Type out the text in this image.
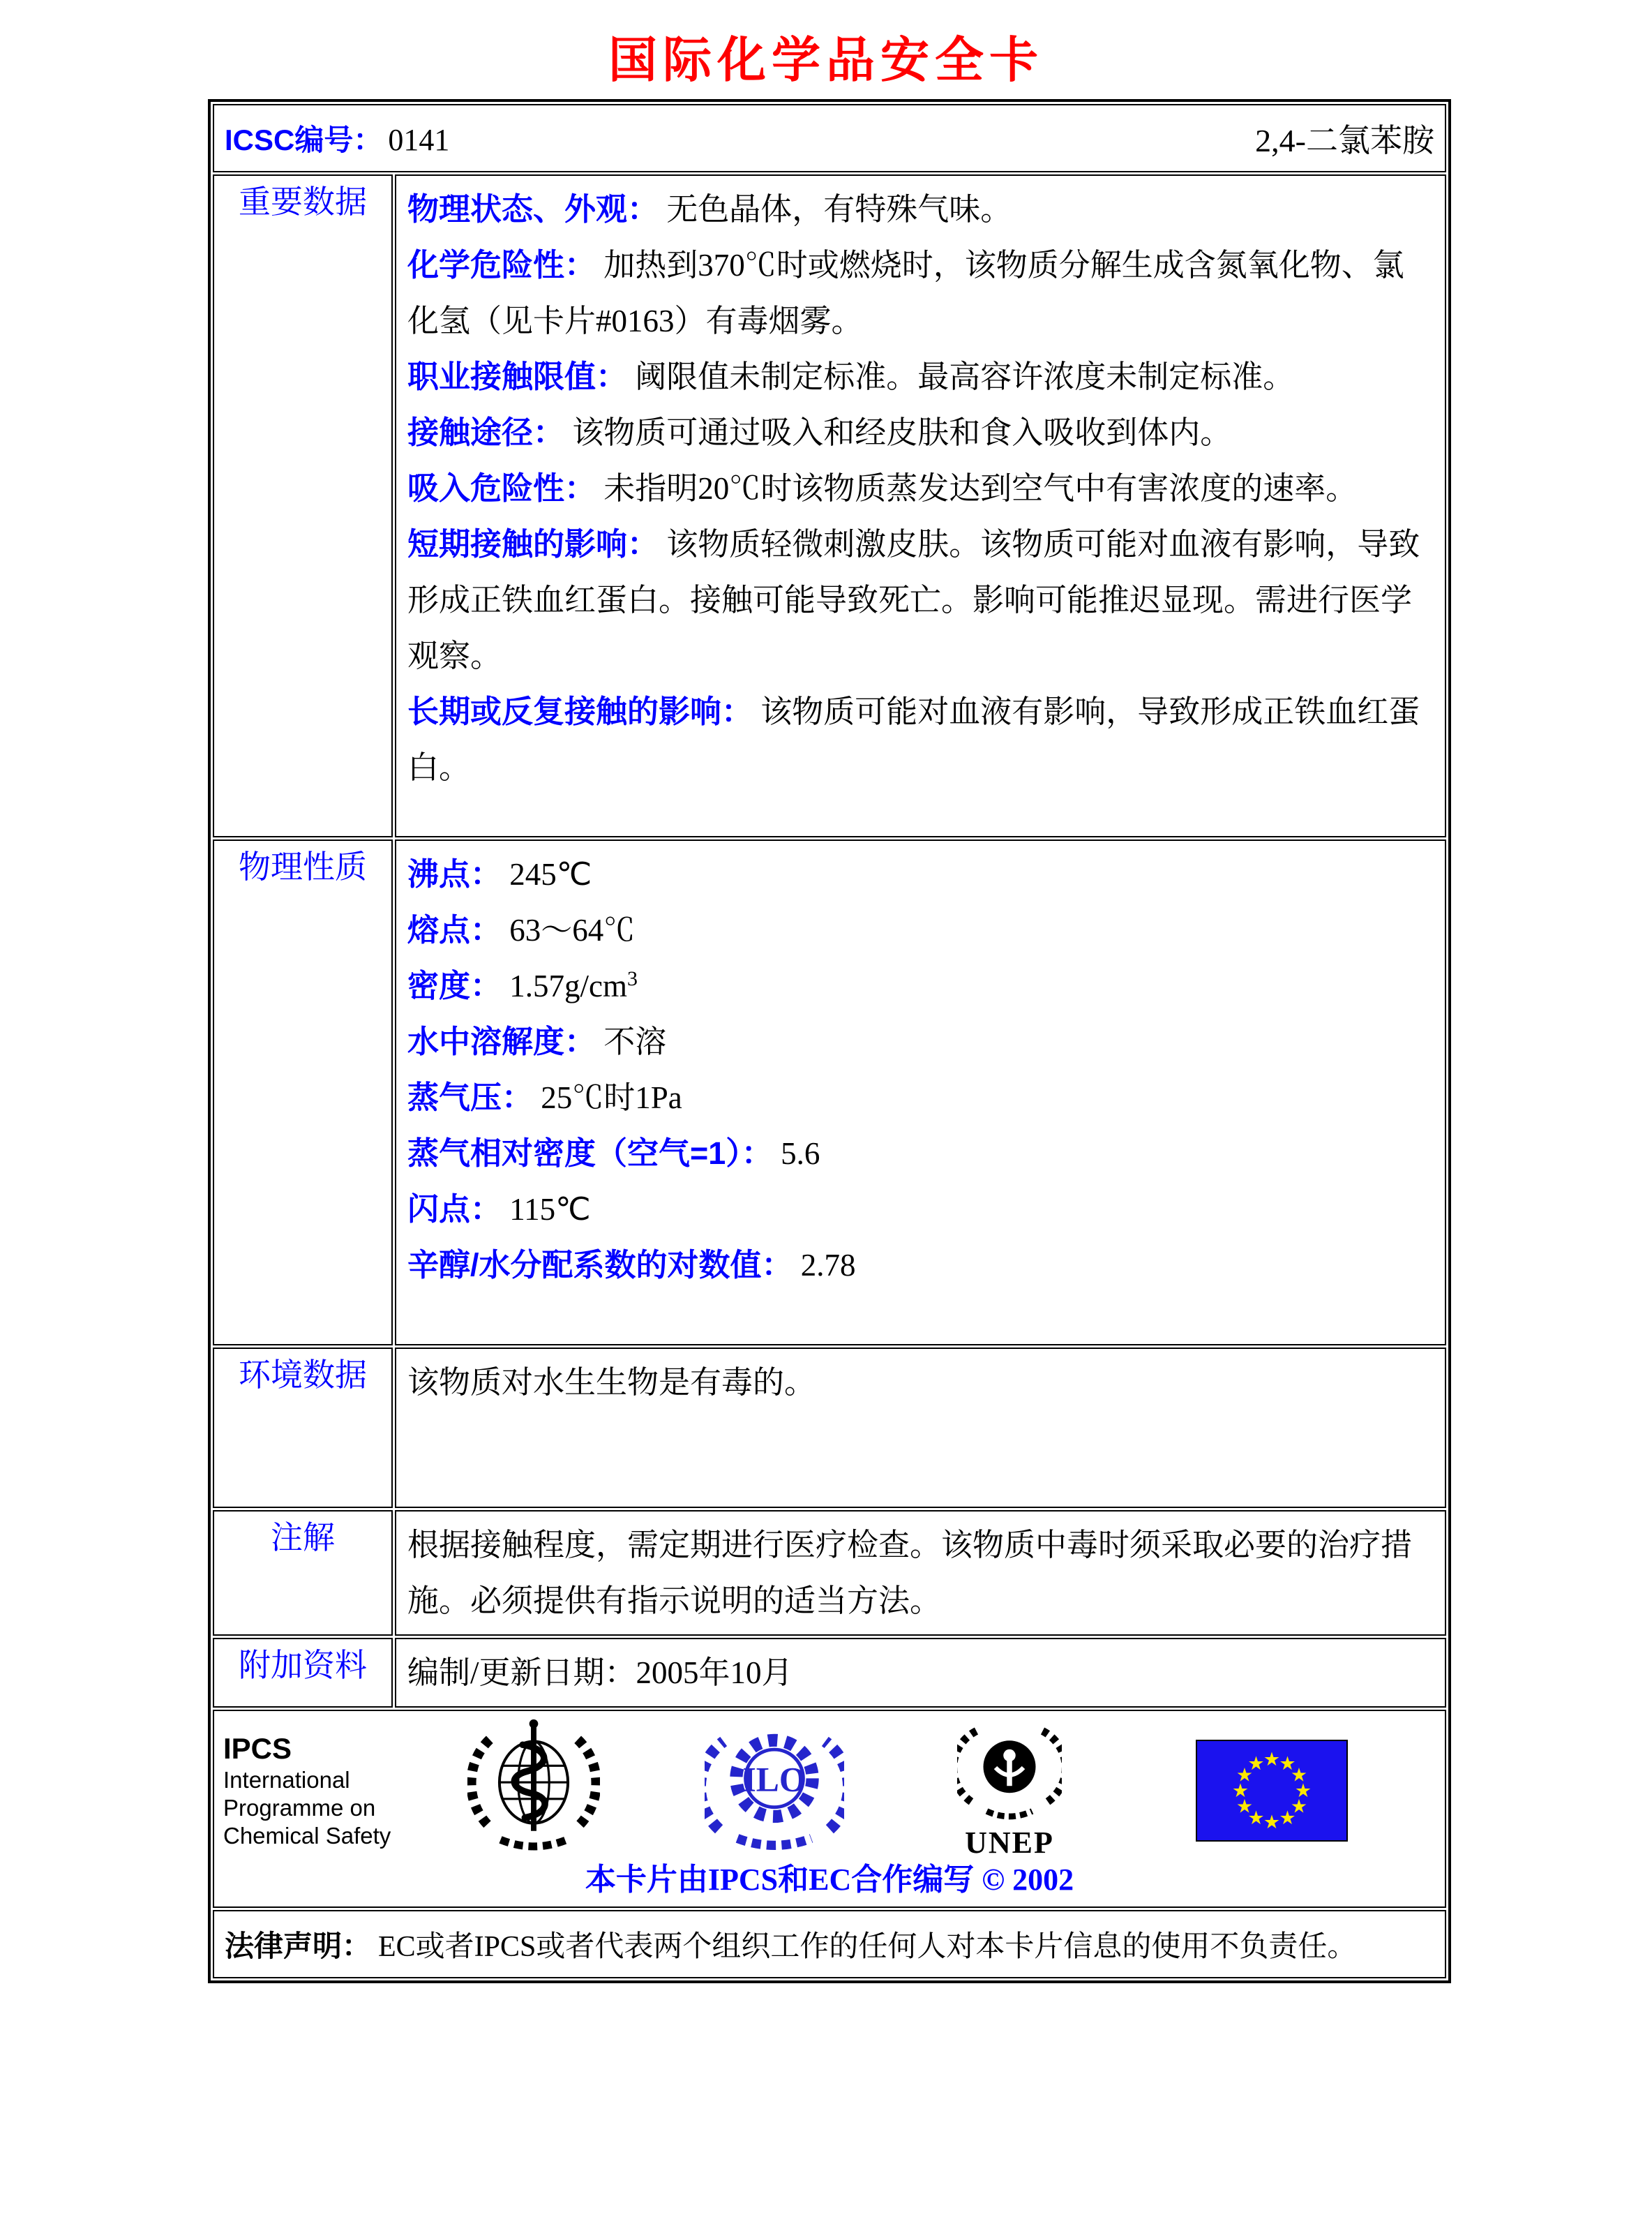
国际化学品安全卡
ICSC编号： 0141 2,4-二氯苯胺	

重要数据	物理状态、外观： 无色晶体，有特殊气味。

化学危险性： 加热到370℃时或燃烧时，该物质分解生成含氮氧化物、氯化氢（见卡片#0163）有毒烟雾。

职业接触限值： 阈限值未制定标准。最高容许浓度未制定标准。

接触途径： 该物质可通过吸入和经皮肤和食入吸收到体内。

吸入危险性： 未指明20℃时该物质蒸发达到空气中有害浓度的速率。

短期接触的影响： 该物质轻微刺激皮肤。该物质可能对血液有影响，导致形成正铁血红蛋白。接触可能导致死亡。影响可能推迟显现。需进行医学观察。

长期或反复接触的影响： 该物质可能对血液有影响，导致形成正铁血红蛋白。

物理性质	沸点： 245℃

熔点： 63～64℃

密度： $1.57g/cm^3$

水中溶解度： 不溶

蒸气压： 25℃时1Pa

蒸气相对密度（空气=1）： 5.6

闪点： 115℃

辛醇/水分配系数的对数值： 2.78

环境数据	该物质对水生生物是有毒的。

注解	根据接触程度，需定期进行医疗检查。该物质中毒时须采取必要的治疗措施。必须提供有指示说明的适当方法。

附加资料	编制/更新日期：2005年10月

IPCS
International
Programme on
Chemical Safety
ILO
UNEP
★
★
★
★
★
★
★
★
★
★
★
★
本卡片由IPCS和EC合作编写 © 2002

法律声明： EC或者IPCS或者代表两个组织工作的任何人对本卡片信息的使用不负责任。	
